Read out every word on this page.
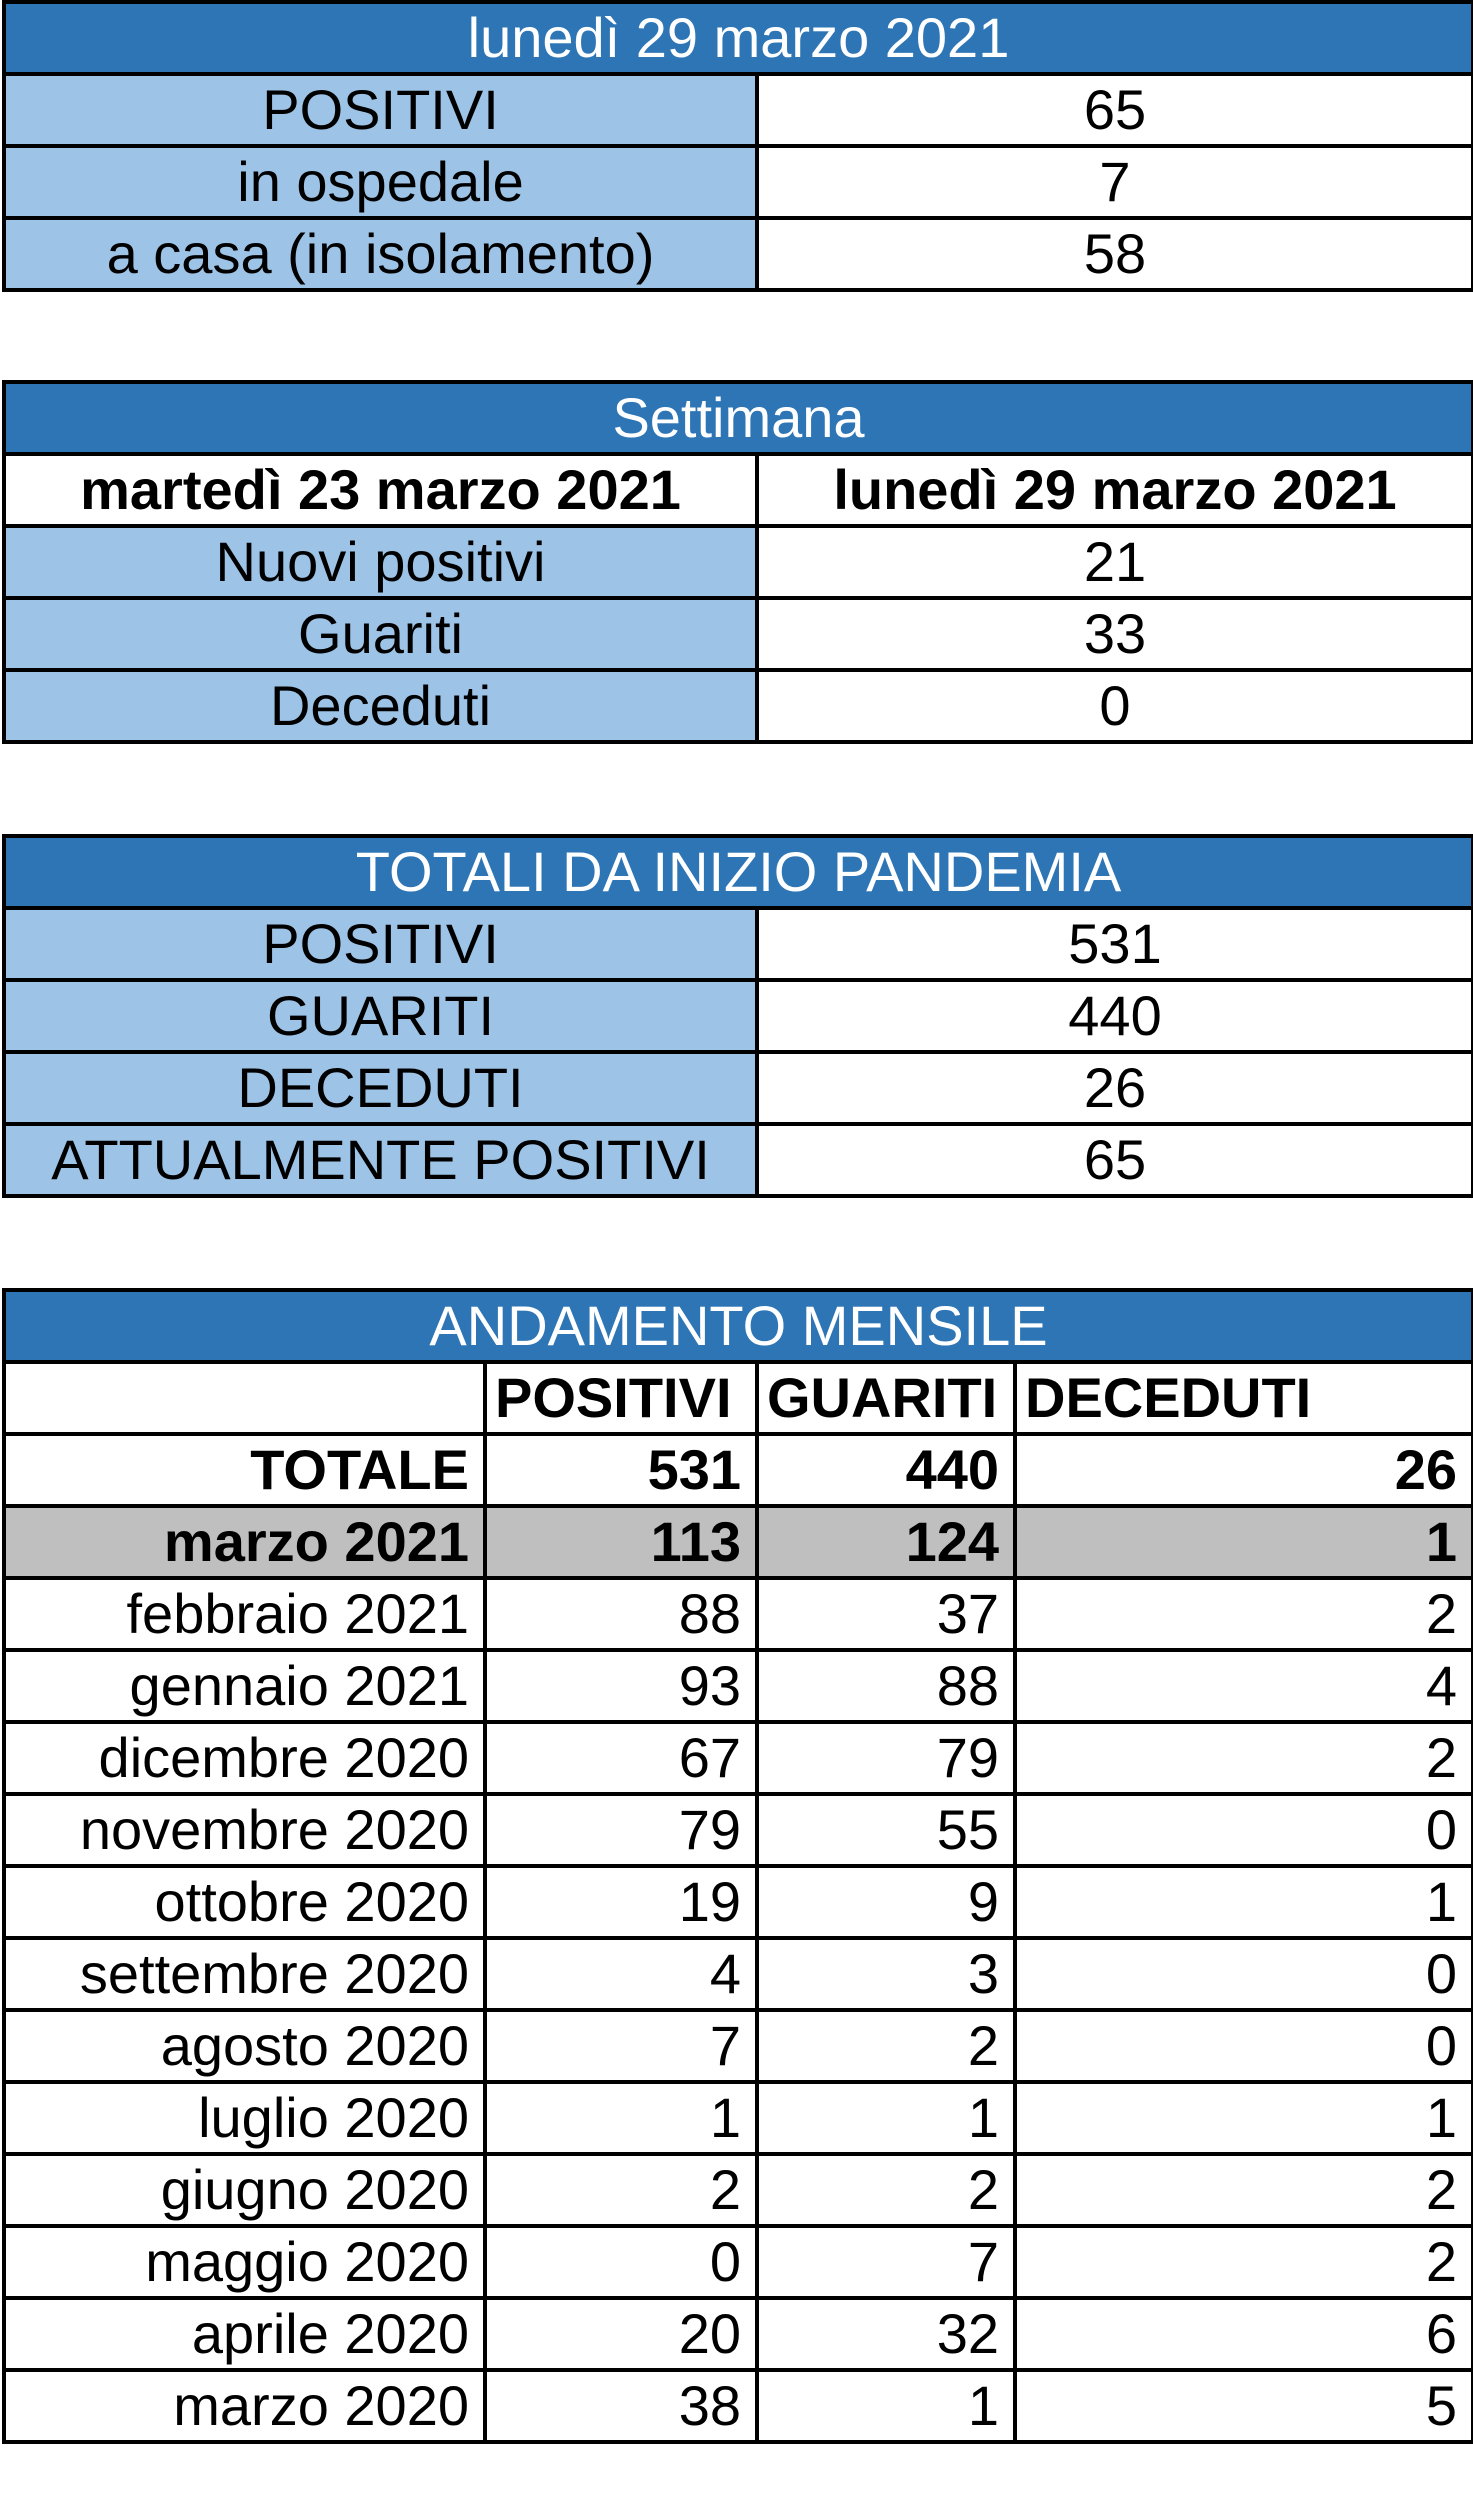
lunedì 29 marzo 2021	
POSITIVI	65
in ospedale	7
a casa (in isolamento)	58
Settimana	
martedì 23 marzo 2021	lunedì 29 marzo 2021
Nuovi positivi	21
Guariti	33
Deceduti	0
TOTALI DA INIZIO PANDEMIA	
POSITIVI	531
GUARITI	440
DECEDUTI	26
ATTUALMENTE POSITIVI	65
ANDAMENTO MENSILE			
	POSITIVI	GUARITI	DECEDUTI
TOTALE	531	440	26
marzo 2021	113	124	1
febbraio 2021	88	37	2
gennaio 2021	93	88	4
dicembre 2020	67	79	2
novembre 2020	79	55	0
ottobre 2020	19	9	1
settembre 2020	4	3	0
agosto 2020	7	2	0
luglio 2020	1	1	1
giugno 2020	2	2	2
maggio 2020	0	7	2
aprile 2020	20	32	6
marzo 2020	38	1	5
